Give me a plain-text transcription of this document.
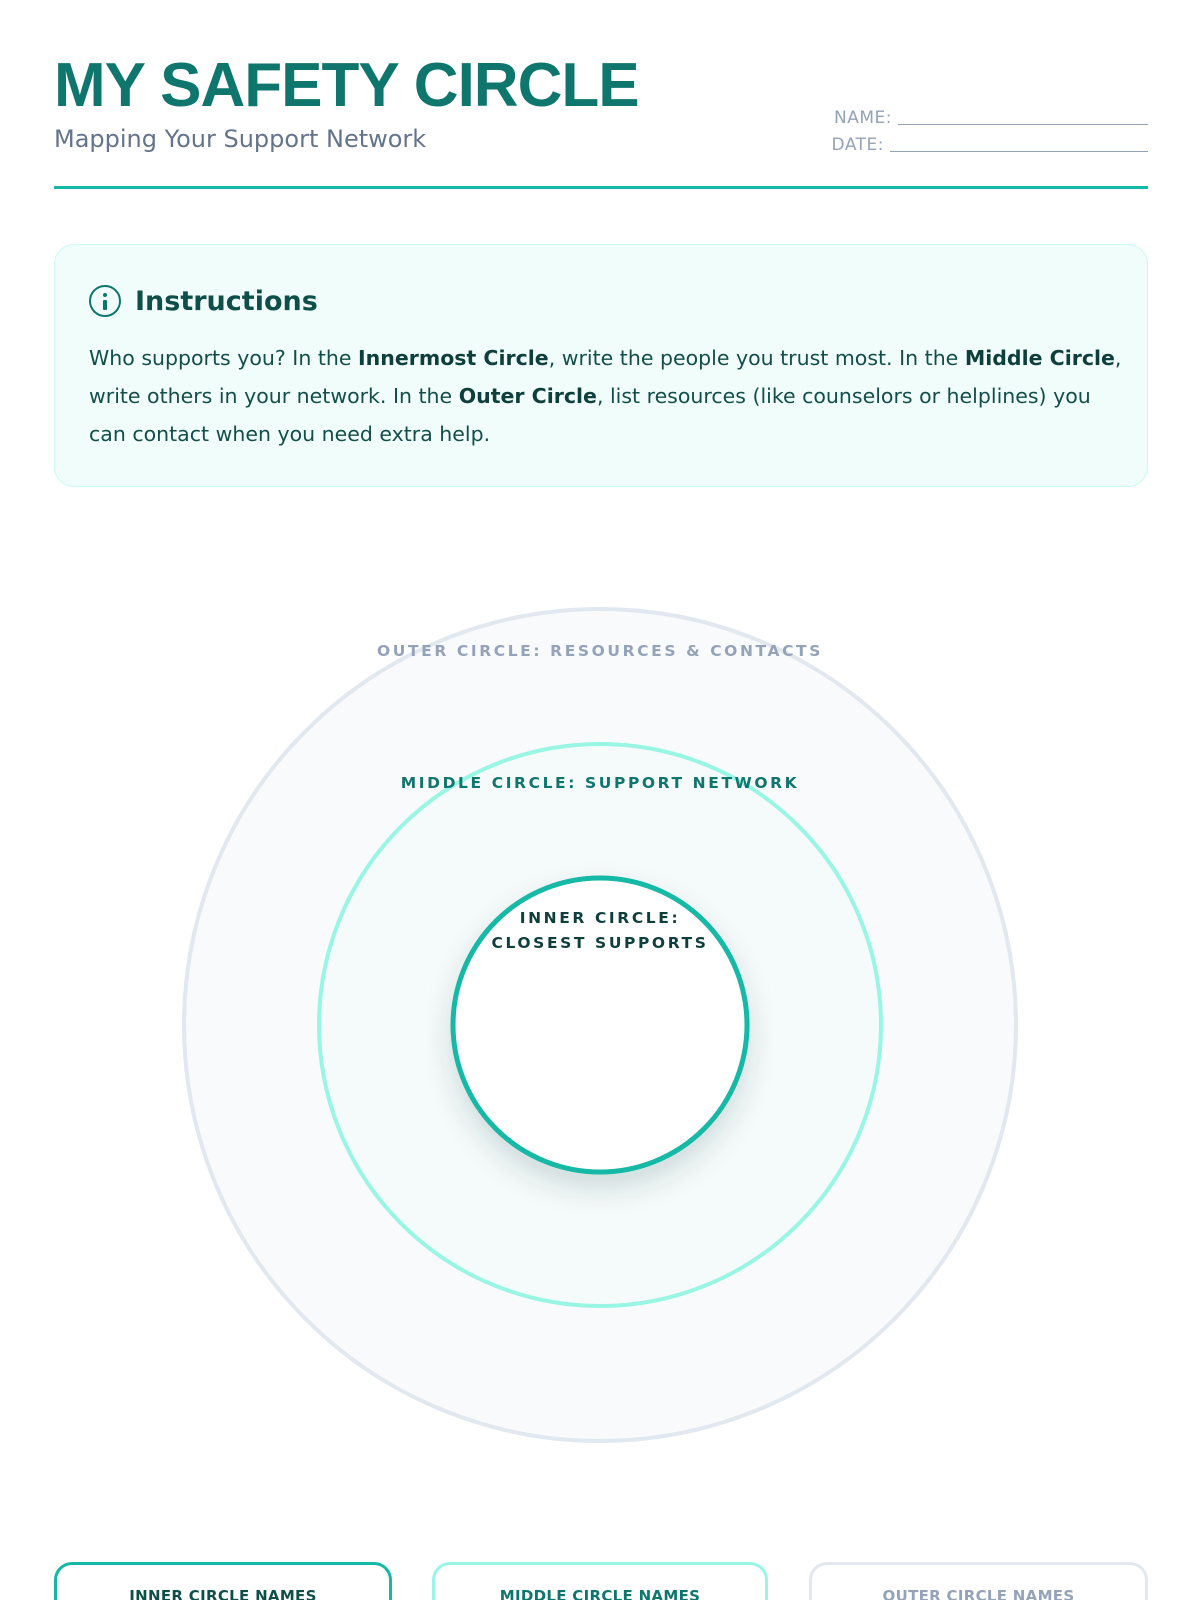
MY SAFETY CIRCLE
Mapping Your Support Network
NAME:
DATE:
Instructions

Who supports you? In the Innermost Circle, write the people you trust most. In the Middle Circle, write others in your network. In the Outer Circle, list resources (like counselors or helplines) you can contact when you need extra help.

OUTER CIRCLE: RESOURCES & CONTACTS
MIDDLE CIRCLE: SUPPORT NETWORK
INNER CIRCLE:
CLOSEST SUPPORTS
INNER CIRCLE NAMES	MIDDLE CIRCLE NAMES	OUTER CIRCLE NAMES
